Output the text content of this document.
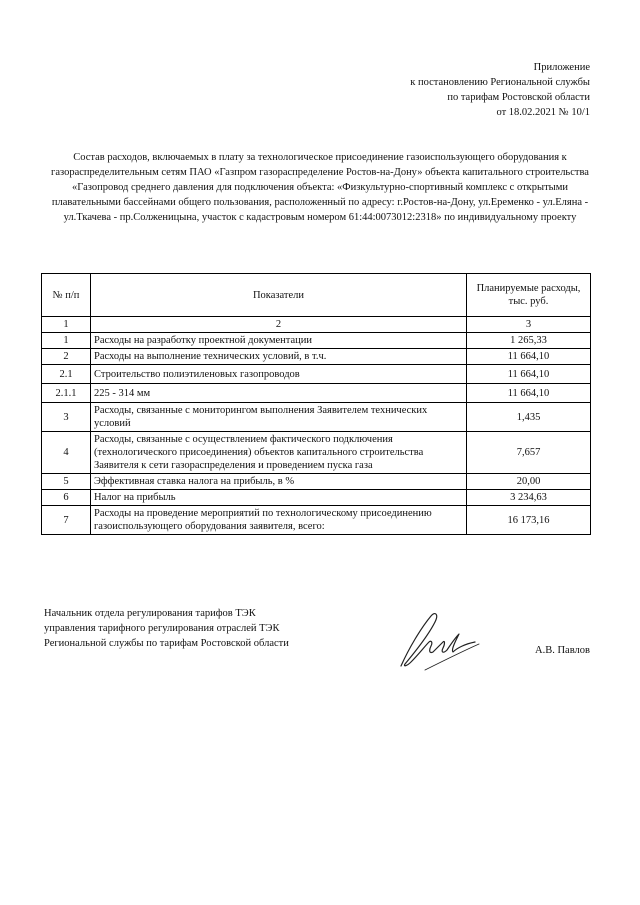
Приложение
к постановлению Региональной службы
по тарифам Ростовской области
от 18.02.2021 № 10/1
Состав расходов, включаемых в плату за технологическое присоединение газоиспользующего оборудования к газораспределительным сетям ПАО «Газпром газораспределение Ростов-на-Дону» объекта капитального строительства «Газопровод среднего давления для подключения объекта: «Физкультурно-спортивный комплекс с открытыми плавательными бассейнами общего пользования, расположенный по адресу: г.Ростов-на-Дону, ул.Еременко - ул.Еляна - ул.Ткачева - пр.Солженицына, участок с кадастровым номером 61:44:0073012:2318» по индивидуальному проекту
№ п/п	Показатели	Планируемые расходы, тыс. руб.
1	2	3
1	Расходы на разработку проектной документации	1 265,33
2	Расходы на выполнение технических условий, в т.ч.	11 664,10
2.1	Строительство полиэтиленовых газопроводов	11 664,10
2.1.1	225 - 314 мм	11 664,10
3	Расходы, связанные с мониторингом выполнения Заявителем технических условий	1,435
4	Расходы, связанные с осуществлением фактического подключения (технологического присоединения) объектов капитального строительства Заявителя к сети газораспределения и проведением пуска газа	7,657
5	Эффективная ставка налога на прибыль, в %	20,00
6	Налог на прибыль	3 234,63
7	Расходы на проведение мероприятий по технологическому присоединению газоиспользующего оборудования заявителя, всего:	16 173,16
Начальник отдела регулирования тарифов ТЭК
управления тарифного регулирования отраслей ТЭК
Региональной службы по тарифам Ростовской области
А.В. Павлов
